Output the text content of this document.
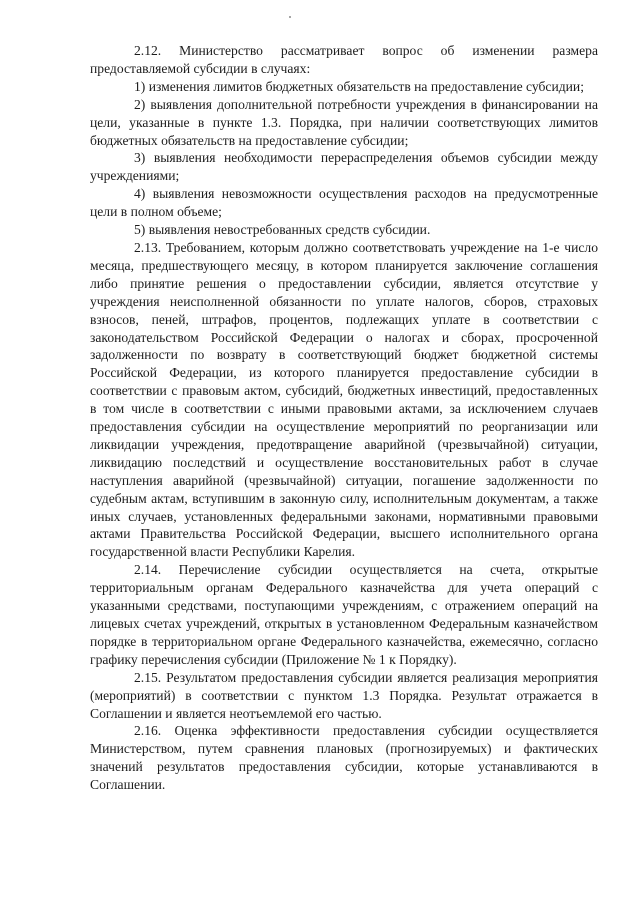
2.12. Министерство рассматривает вопрос об изменении размера предоставляемой субсидии в случаях:

1) изменения лимитов бюджетных обязательств на предоставление субсидии;

2) выявления дополнительной потребности учреждения в финансировании на цели, указанные в пункте 1.3. Порядка, при наличии соответствующих лимитов бюджетных обязательств на предоставление субсидии;

3) выявления необходимости перераспределения объемов субсидии между учреждениями;

4) выявления невозможности осуществления расходов на предусмотренные цели в полном объеме;

5) выявления невостребованных средств субсидии.

2.13. Требованием, которым должно соответствовать учреждение на 1-е число месяца, предшествующего месяцу, в котором планируется заключение соглашения либо принятие решения о предоставлении субсидии, является отсутствие у учреждения неисполненной обязанности по уплате налогов, сборов, страховых взносов, пеней, штрафов, процентов, подлежащих уплате в соответствии с законодательством Российской Федерации о налогах и сборах, просроченной задолженности по возврату в соответствующий бюджет бюджетной системы Российской Федерации, из которого планируется предоставление субсидии в соответствии с правовым актом, субсидий, бюджетных инвестиций, предоставленных в том числе в соответствии с иными правовыми актами, за исключением случаев предоставления субсидии на осуществление мероприятий по реорганизации или ликвидации учреждения, предотвращение аварийной (чрезвычайной) ситуации, ликвидацию последствий и осуществление восстановительных работ в случае наступления аварийной (чрезвычайной) ситуации, погашение задолженности по судебным актам, вступившим в законную силу, исполнительным документам, а также иных случаев, установленных федеральными законами, нормативными правовыми актами Правительства Российской Федерации, высшего исполнительного органа государственной власти Республики Карелия.

2.14. Перечисление субсидии осуществляется на счета, открытые территориальным органам Федерального казначейства для учета операций с указанными средствами, поступающими учреждениям, с отражением операций на лицевых счетах учреждений, открытых в установленном Федеральным казначейством порядке в территориальном органе Федерального казначейства, ежемесячно, согласно графику перечисления субсидии (Приложение № 1 к Порядку).

2.15. Результатом предоставления субсидии является реализация мероприятия (мероприятий) в соответствии с пунктом 1.3 Порядка. Результат отражается в Соглашении и является неотъемлемой его частью.

2.16. Оценка эффективности предоставления субсидии осуществляется Министерством, путем сравнения плановых (прогнозируемых) и фактических значений результатов предоставления субсидии, которые устанавливаются в Соглашении.
